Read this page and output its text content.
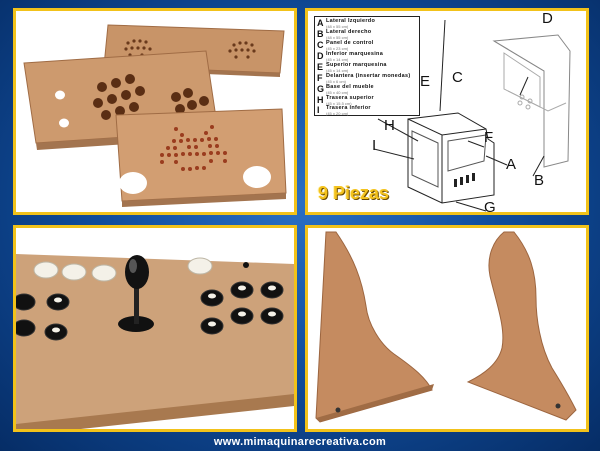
A Lateral Izquierdo
(48 x 55 cm)
B Lateral derecho
(48 x 55 cm)
C Panel de control
(45 x 23 cm)
D Inferior marquesina
(45 x 14 cm)
E Superior marquesina
(45 x 14 cm)
F Delantera (insertar monedas)
(45 x 6 cm)
G Base del mueble
(45 x 40 cm)
H Trasera superior
(45 x 15.5 cm)
I Trasera inferior
(45 x 20 cm)
D
C
E
H
I	F
A
B
G
9 Piezas
www.mimaquinarecreativa.com
